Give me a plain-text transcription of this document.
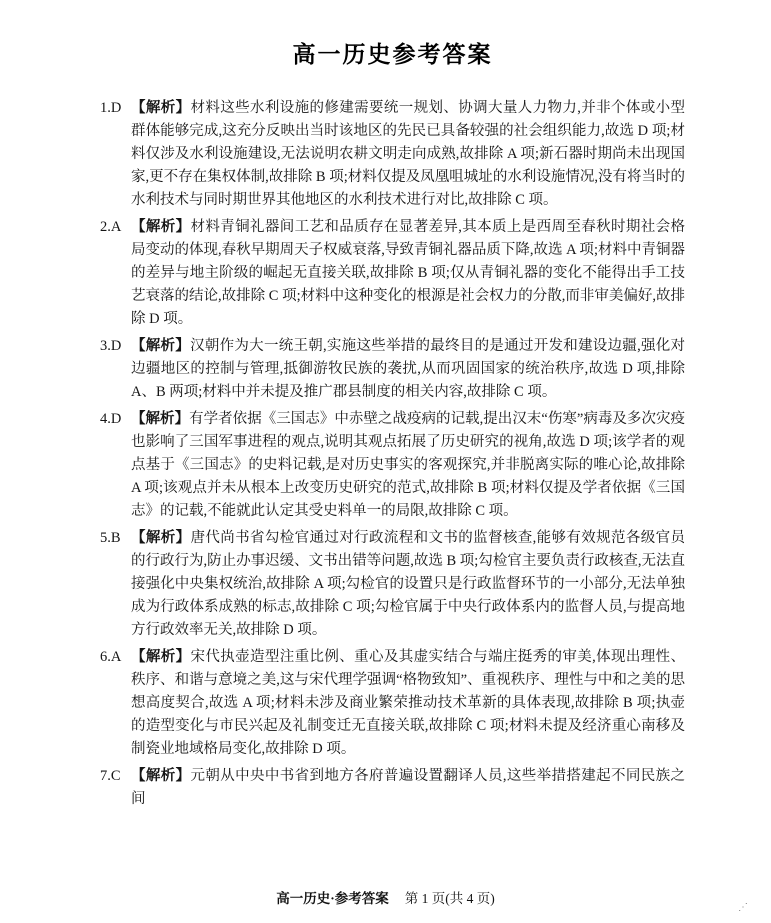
高一历史参考答案
1.D 【解析】材料这些水利设施的修建需要统一规划、协调大量人力物力,并非个体或小型群体能够完成,这充分反映出当时该地区的先民已具备较强的社会组织能力,故选 D 项;材料仅涉及水利设施建设,无法说明农耕文明走向成熟,故排除 A 项;新石器时期尚未出现国家,更不存在集权体制,故排除 B 项;材料仅提及凤凰咀城址的水利设施情况,没有将当时的水利技术与同时期世界其他地区的水利技术进行对比,故排除 C 项。
2.A 【解析】材料青铜礼器间工艺和品质存在显著差异,其本质上是西周至春秋时期社会格局变动的体现,春秋早期周天子权威衰落,导致青铜礼器品质下降,故选 A 项;材料中青铜器的差异与地主阶级的崛起无直接关联,故排除 B 项;仅从青铜礼器的变化不能得出手工技艺衰落的结论,故排除 C 项;材料中这种变化的根源是社会权力的分散,而非审美偏好,故排除 D 项。
3.D 【解析】汉朝作为大一统王朝,实施这些举措的最终目的是通过开发和建设边疆,强化对边疆地区的控制与管理,抵御游牧民族的袭扰,从而巩固国家的统治秩序,故选 D 项,排除 A、B 两项;材料中并未提及推广郡县制度的相关内容,故排除 C 项。
4.D 【解析】有学者依据《三国志》中赤壁之战疫病的记载,提出汉末“伤寒”病毒及多次灾疫也影响了三国军事进程的观点,说明其观点拓展了历史研究的视角,故选 D 项;该学者的观点基于《三国志》的史料记载,是对历史事实的客观探究,并非脱离实际的唯心论,故排除 A 项;该观点并未从根本上改变历史研究的范式,故排除 B 项;材料仅提及学者依据《三国志》的记载,不能就此认定其受史料单一的局限,故排除 C 项。
5.B 【解析】唐代尚书省勾检官通过对行政流程和文书的监督核查,能够有效规范各级官员的行政行为,防止办事迟缓、文书出错等问题,故选 B 项;勾检官主要负责行政核查,无法直接强化中央集权统治,故排除 A 项;勾检官的设置只是行政监督环节的一小部分,无法单独成为行政体系成熟的标志,故排除 C 项;勾检官属于中央行政体系内的监督人员,与提高地方行政效率无关,故排除 D 项。
6.A 【解析】宋代执壶造型注重比例、重心及其虚实结合与端庄挺秀的审美,体现出理性、秩序、和谐与意境之美,这与宋代理学强调“格物致知”、重视秩序、理性与中和之美的思想高度契合,故选 A 项;材料未涉及商业繁荣推动技术革新的具体表现,故排除 B 项;执壶的造型变化与市民兴起及礼制变迁无直接关联,故排除 C 项;材料未提及经济重心南移及制瓷业地域格局变化,故排除 D 项。
7.C 【解析】元朝从中央中书省到地方各府普遍设置翻译人员,这些举措搭建起不同民族之间
高一历史·参考答案 第 1 页(共 4 页)
⋰
